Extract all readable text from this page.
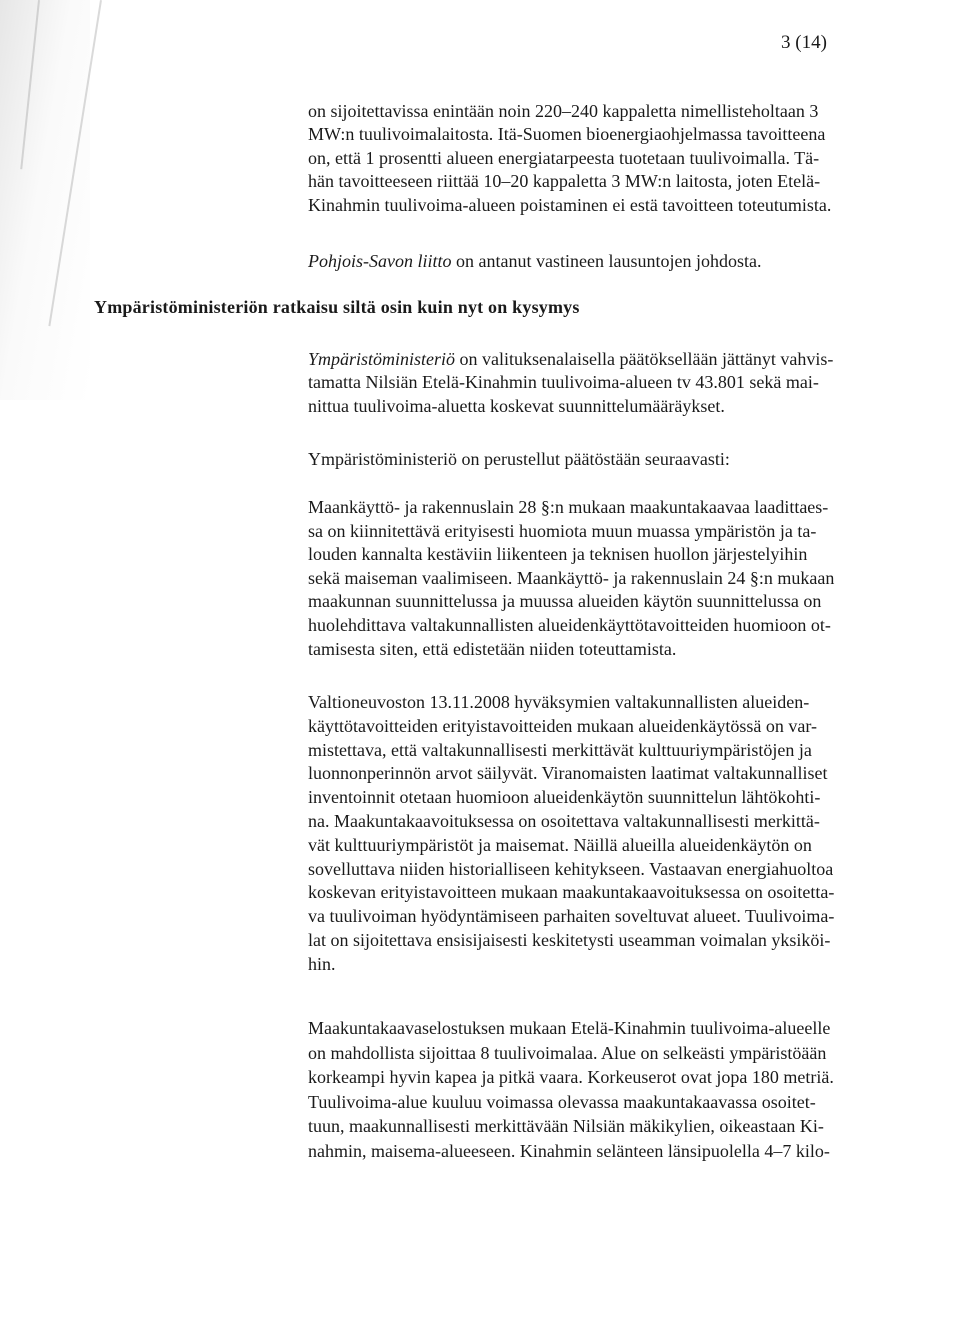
3 (14)

on sijoitettavissa enintään noin 220–240 kappaletta nimellisteholtaan 3
MW:n tuulivoimalaitosta. Itä-Suomen bioenergiaohjelmassa tavoitteena
on, että 1 prosentti alueen energiatarpeesta tuotetaan tuulivoimalla. Tä-
hän tavoitteeseen riittää 10–20 kappaletta 3 MW:n laitosta, joten Etelä-
Kinahmin tuulivoima-alueen poistaminen ei estä tavoitteen toteutumista.

Pohjois-Savon liitto on antanut vastineen lausuntojen johdosta.

Ympäristöministeriön ratkaisu siltä osin kuin nyt on kysymys

Ympäristöministeriö on valituksenalaisella päätöksellään jättänyt vahvis-
tamatta Nilsiän Etelä-Kinahmin tuulivoima-alueen tv 43.801 sekä mai-
nittua tuulivoima-aluetta koskevat suunnittelumääräykset.

Ympäristöministeriö on perustellut päätöstään seuraavasti:

Maankäyttö- ja rakennuslain 28 §:n mukaan maakuntakaavaa laadittaes-
sa on kiinnitettävä erityisesti huomiota muun muassa ympäristön ja ta-
louden kannalta kestäviin liikenteen ja teknisen huollon järjestelyihin
sekä maiseman vaalimiseen. Maankäyttö- ja rakennuslain 24 §:n mukaan
maakunnan suunnittelussa ja muussa alueiden käytön suunnittelussa on
huolehdittava valtakunnallisten alueidenkäyttötavoitteiden huomioon ot-
tamisesta siten, että edistetään niiden toteuttamista.

Valtioneuvoston 13.11.2008 hyväksymien valtakunnallisten alueiden-
käyttötavoitteiden erityistavoitteiden mukaan alueidenkäytössä on var-
mistettava, että valtakunnallisesti merkittävät kulttuuriympäristöjen ja
luonnonperinnön arvot säilyvät. Viranomaisten laatimat valtakunnalliset
inventoinnit otetaan huomioon alueidenkäytön suunnittelun lähtökohti-
na. Maakuntakaavoituksessa on osoitettava valtakunnallisesti merkittä-
vät kulttuuriympäristöt ja maisemat. Näillä alueilla alueidenkäytön on
sovelluttava niiden historialliseen kehitykseen. Vastaavan energiahuoltoa
koskevan erityistavoitteen mukaan maakuntakaavoituksessa on osoitetta-
va tuulivoiman hyödyntämiseen parhaiten soveltuvat alueet. Tuulivoima-
lat on sijoitettava ensisijaisesti keskitetysti useamman voimalan yksiköi-
hin.

Maakuntakaavaselostuksen mukaan Etelä-Kinahmin tuulivoima-alueelle
on mahdollista sijoittaa 8 tuulivoimalaa. Alue on selkeästi ympäristöään
korkeampi hyvin kapea ja pitkä vaara. Korkeuserot ovat jopa 180 metriä.
Tuulivoima-alue kuuluu voimassa olevassa maakuntakaavassa osoitet-
tuun, maakunnallisesti merkittävään Nilsiän mäkikylien, oikeastaan Ki-
nahmin, maisema-alueeseen. Kinahmin selänteen länsipuolella 4–7 kilo-
